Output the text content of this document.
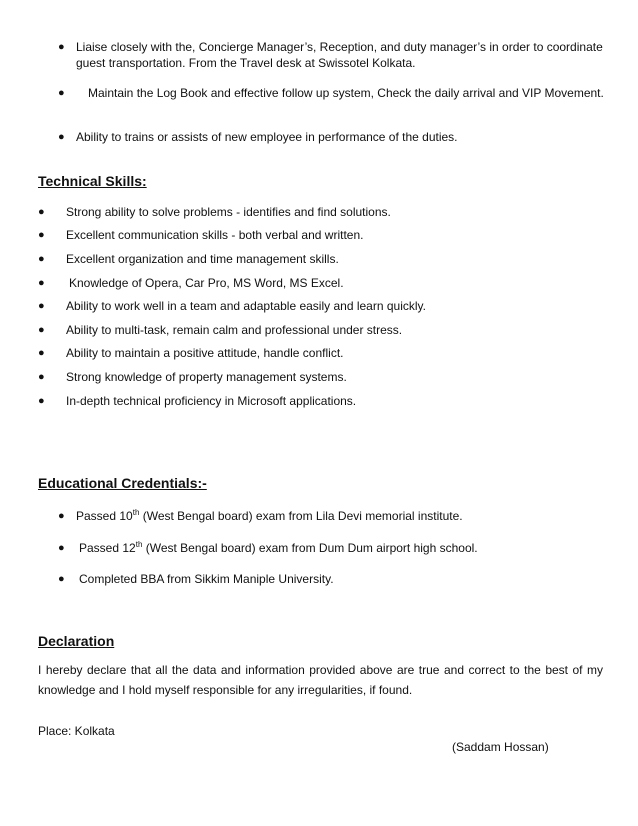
● Liaise closely with the, Concierge Manager’s, Reception, and duty manager’s in order to coordinate
guest transportation. From the Travel desk at Swissotel Kolkata.
● Maintain the Log Book and effective follow up system, Check the daily arrival and VIP Movement.
● Ability to trains or assists of new employee in performance of the duties.
Technical Skills:
● Strong ability to solve problems - identifies and find solutions.
● Excellent communication skills - both verbal and written.
● Excellent organization and time management skills.
● Knowledge of Opera, Car Pro, MS Word, MS Excel.
● Ability to work well in a team and adaptable easily and learn quickly.
● Ability to multi-task, remain calm and professional under stress.
● Ability to maintain a positive attitude, handle conflict.
● Strong knowledge of property management systems.
● In-depth technical proficiency in Microsoft applications.
Educational Credentials:-
● Passed 10th (West Bengal board) exam from Lila Devi memorial institute.
● Passed 12th (West Bengal board) exam from Dum Dum airport high school.
● Completed BBA from Sikkim Maniple University.
Declaration
I hereby declare that all the data and information provided above are true and correct to the best of my knowledge and I hold myself responsible for any irregularities, if found.
Place: Kolkata
(Saddam Hossan)
